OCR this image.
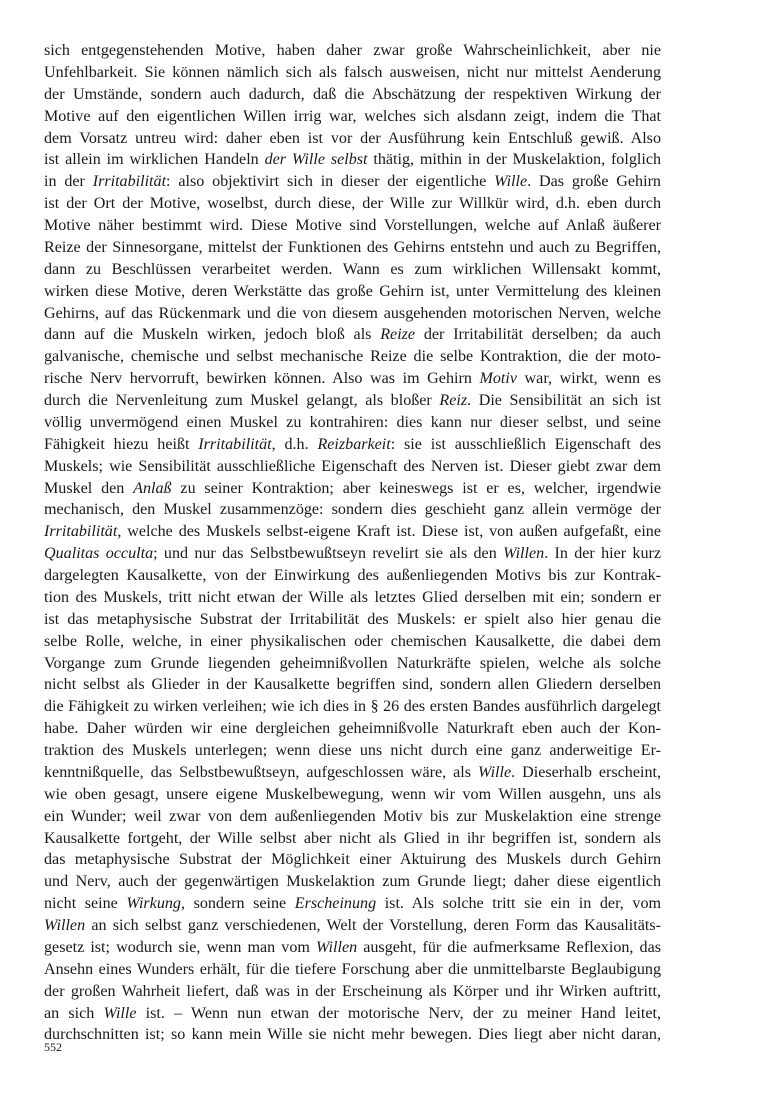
sich entgegenstehenden Motive, haben daher zwar große Wahrscheinlichkeit, aber nie
Unfehlbarkeit. Sie können nämlich sich als falsch ausweisen, nicht nur mittelst Aenderung
der Umstände, sondern auch dadurch, daß die Abschätzung der respektiven Wirkung der
Motive auf den eigentlichen Willen irrig war, welches sich alsdann zeigt, indem die That
dem Vorsatz untreu wird: daher eben ist vor der Ausführung kein Entschluß gewiß. Also
ist allein im wirklichen Handeln der Wille selbst thätig, mithin in der Muskelaktion, folglich
in der Irritabilität: also objektivirt sich in dieser der eigentliche Wille. Das große Gehirn
ist der Ort der Motive, woselbst, durch diese, der Wille zur Willkür wird, d.h. eben durch
Motive näher bestimmt wird. Diese Motive sind Vorstellungen, welche auf Anlaß äußerer
Reize der Sinnesorgane, mittelst der Funktionen des Gehirns entstehn und auch zu Begriffen,
dann zu Beschlüssen verarbeitet werden. Wann es zum wirklichen Willensakt kommt,
wirken diese Motive, deren Werkstätte das große Gehirn ist, unter Vermittelung des kleinen
Gehirns, auf das Rückenmark und die von diesem ausgehenden motorischen Nerven, welche
dann auf die Muskeln wirken, jedoch bloß als Reize der Irritabilität derselben; da auch
galvanische, chemische und selbst mechanische Reize die selbe Kontraktion, die der moto-
rische Nerv hervorruft, bewirken können. Also was im Gehirn Motiv war, wirkt, wenn es
durch die Nervenleitung zum Muskel gelangt, als bloßer Reiz. Die Sensibilität an sich ist
völlig unvermögend einen Muskel zu kontrahiren: dies kann nur dieser selbst, und seine
Fähigkeit hiezu heißt Irritabilität, d.h. Reizbarkeit: sie ist ausschließlich Eigenschaft des
Muskels; wie Sensibilität ausschließliche Eigenschaft des Nerven ist. Dieser giebt zwar dem
Muskel den Anlaß zu seiner Kontraktion; aber keineswegs ist er es, welcher, irgendwie
mechanisch, den Muskel zusammenzöge: sondern dies geschieht ganz allein vermöge der
Irritabilität, welche des Muskels selbst-eigene Kraft ist. Diese ist, von außen aufgefaßt, eine
Qualitas occulta; und nur das Selbstbewußtseyn revelirt sie als den Willen. In der hier kurz
dargelegten Kausalkette, von der Einwirkung des außenliegenden Motivs bis zur Kontrak-
tion des Muskels, tritt nicht etwan der Wille als letztes Glied derselben mit ein; sondern er
ist das metaphysische Substrat der Irritabilität des Muskels: er spielt also hier genau die
selbe Rolle, welche, in einer physikalischen oder chemischen Kausalkette, die dabei dem
Vorgange zum Grunde liegenden geheimnißvollen Naturkräfte spielen, welche als solche
nicht selbst als Glieder in der Kausalkette begriffen sind, sondern allen Gliedern derselben
die Fähigkeit zu wirken verleihen; wie ich dies in § 26 des ersten Bandes ausführlich dargelegt
habe. Daher würden wir eine dergleichen geheimnißvolle Naturkraft eben auch der Kon-
traktion des Muskels unterlegen; wenn diese uns nicht durch eine ganz anderweitige Er-
kenntnißquelle, das Selbstbewußtseyn, aufgeschlossen wäre, als Wille. Dieserhalb erscheint,
wie oben gesagt, unsere eigene Muskelbewegung, wenn wir vom Willen ausgehn, uns als
ein Wunder; weil zwar von dem außenliegenden Motiv bis zur Muskelaktion eine strenge
Kausalkette fortgeht, der Wille selbst aber nicht als Glied in ihr begriffen ist, sondern als
das metaphysische Substrat der Möglichkeit einer Aktuirung des Muskels durch Gehirn
und Nerv, auch der gegenwärtigen Muskelaktion zum Grunde liegt; daher diese eigentlich
nicht seine Wirkung, sondern seine Erscheinung ist. Als solche tritt sie ein in der, vom
Willen an sich selbst ganz verschiedenen, Welt der Vorstellung, deren Form das Kausalitäts-
gesetz ist; wodurch sie, wenn man vom Willen ausgeht, für die aufmerksame Reflexion, das
Ansehn eines Wunders erhält, für die tiefere Forschung aber die unmittelbarste Beglaubigung
der großen Wahrheit liefert, daß was in der Erscheinung als Körper und ihr Wirken auftritt,
an sich Wille ist. – Wenn nun etwan der motorische Nerv, der zu meiner Hand leitet,
durchschnitten ist; so kann mein Wille sie nicht mehr bewegen. Dies liegt aber nicht daran,
552
